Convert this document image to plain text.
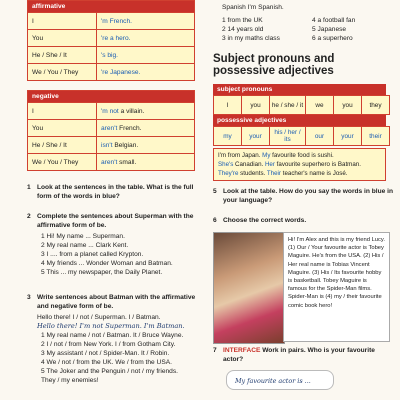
affirmative	
I	'm French.
You	're a hero.
He / She / It	's big.
We / You / They	're Japanese.
negative	
I	'm not a villain.
You	aren't French.
He / She / It	isn't Belgian.
We / You / They	aren't small.
1 Look at the sentences in the table. What is the full form of the words in blue?
2 Complete the sentences about Superman with the affirmative form of be.
1 Hi! My name ... Superman.
2 My real name ... Clark Kent.
3 I .... from a planet called Krypton.
4 My friends ... Wonder Woman and Batman.
5 This ... my newspaper, the Daily Planet.
3 Write sentences about Batman with the affirmative and negative form of be.
Hello there! I / not / Superman. I / Batman.
Hello there! I'm not Superman. I'm Batman.
1 My real name / not / Batman. It / Bruce Wayne.
2 I / not / from New York. I / from Gotham City.
3 My assistant / not / Spider-Man. It / Robin.
4 We / not / from the UK. We / from the USA.
5 The Joker and the Penguin / not / my friends.
They / my enemies!
Spanish I'm Spanish.
1 from the UK
2 14 years old
3 in my maths class
4 a football fan
5 Japanese
6 a superhero
Subject pronouns and possessive adjectives
subject pronouns
I	you	he / she / it	we	you	they
possessive adjectives
my	your	his / her / its	our	your	their
I'm from Japan. My favourite food is sushi.
She's Canadian. Her favourite superhero is Batman.
They're students. Their teacher's name is José.
5 Look at the table. How do you say the words in blue in your language?
6 Choose the correct words.
Hi! I'm Alex and this is my friend Lucy. (1) Our / Your favourite actor is Tobey Maguire. He's from the USA. (2) His / Her real name is Tobias Vincent Maguire. (3) His / Its favourite hobby is basketball. Tobey Maguire is famous for the Spider-Man films. Spider-Man is (4) my / their favourite comic book hero!
7 INTERFACE Work in pairs. Who is your favourite actor?
My favourite actor is ...
